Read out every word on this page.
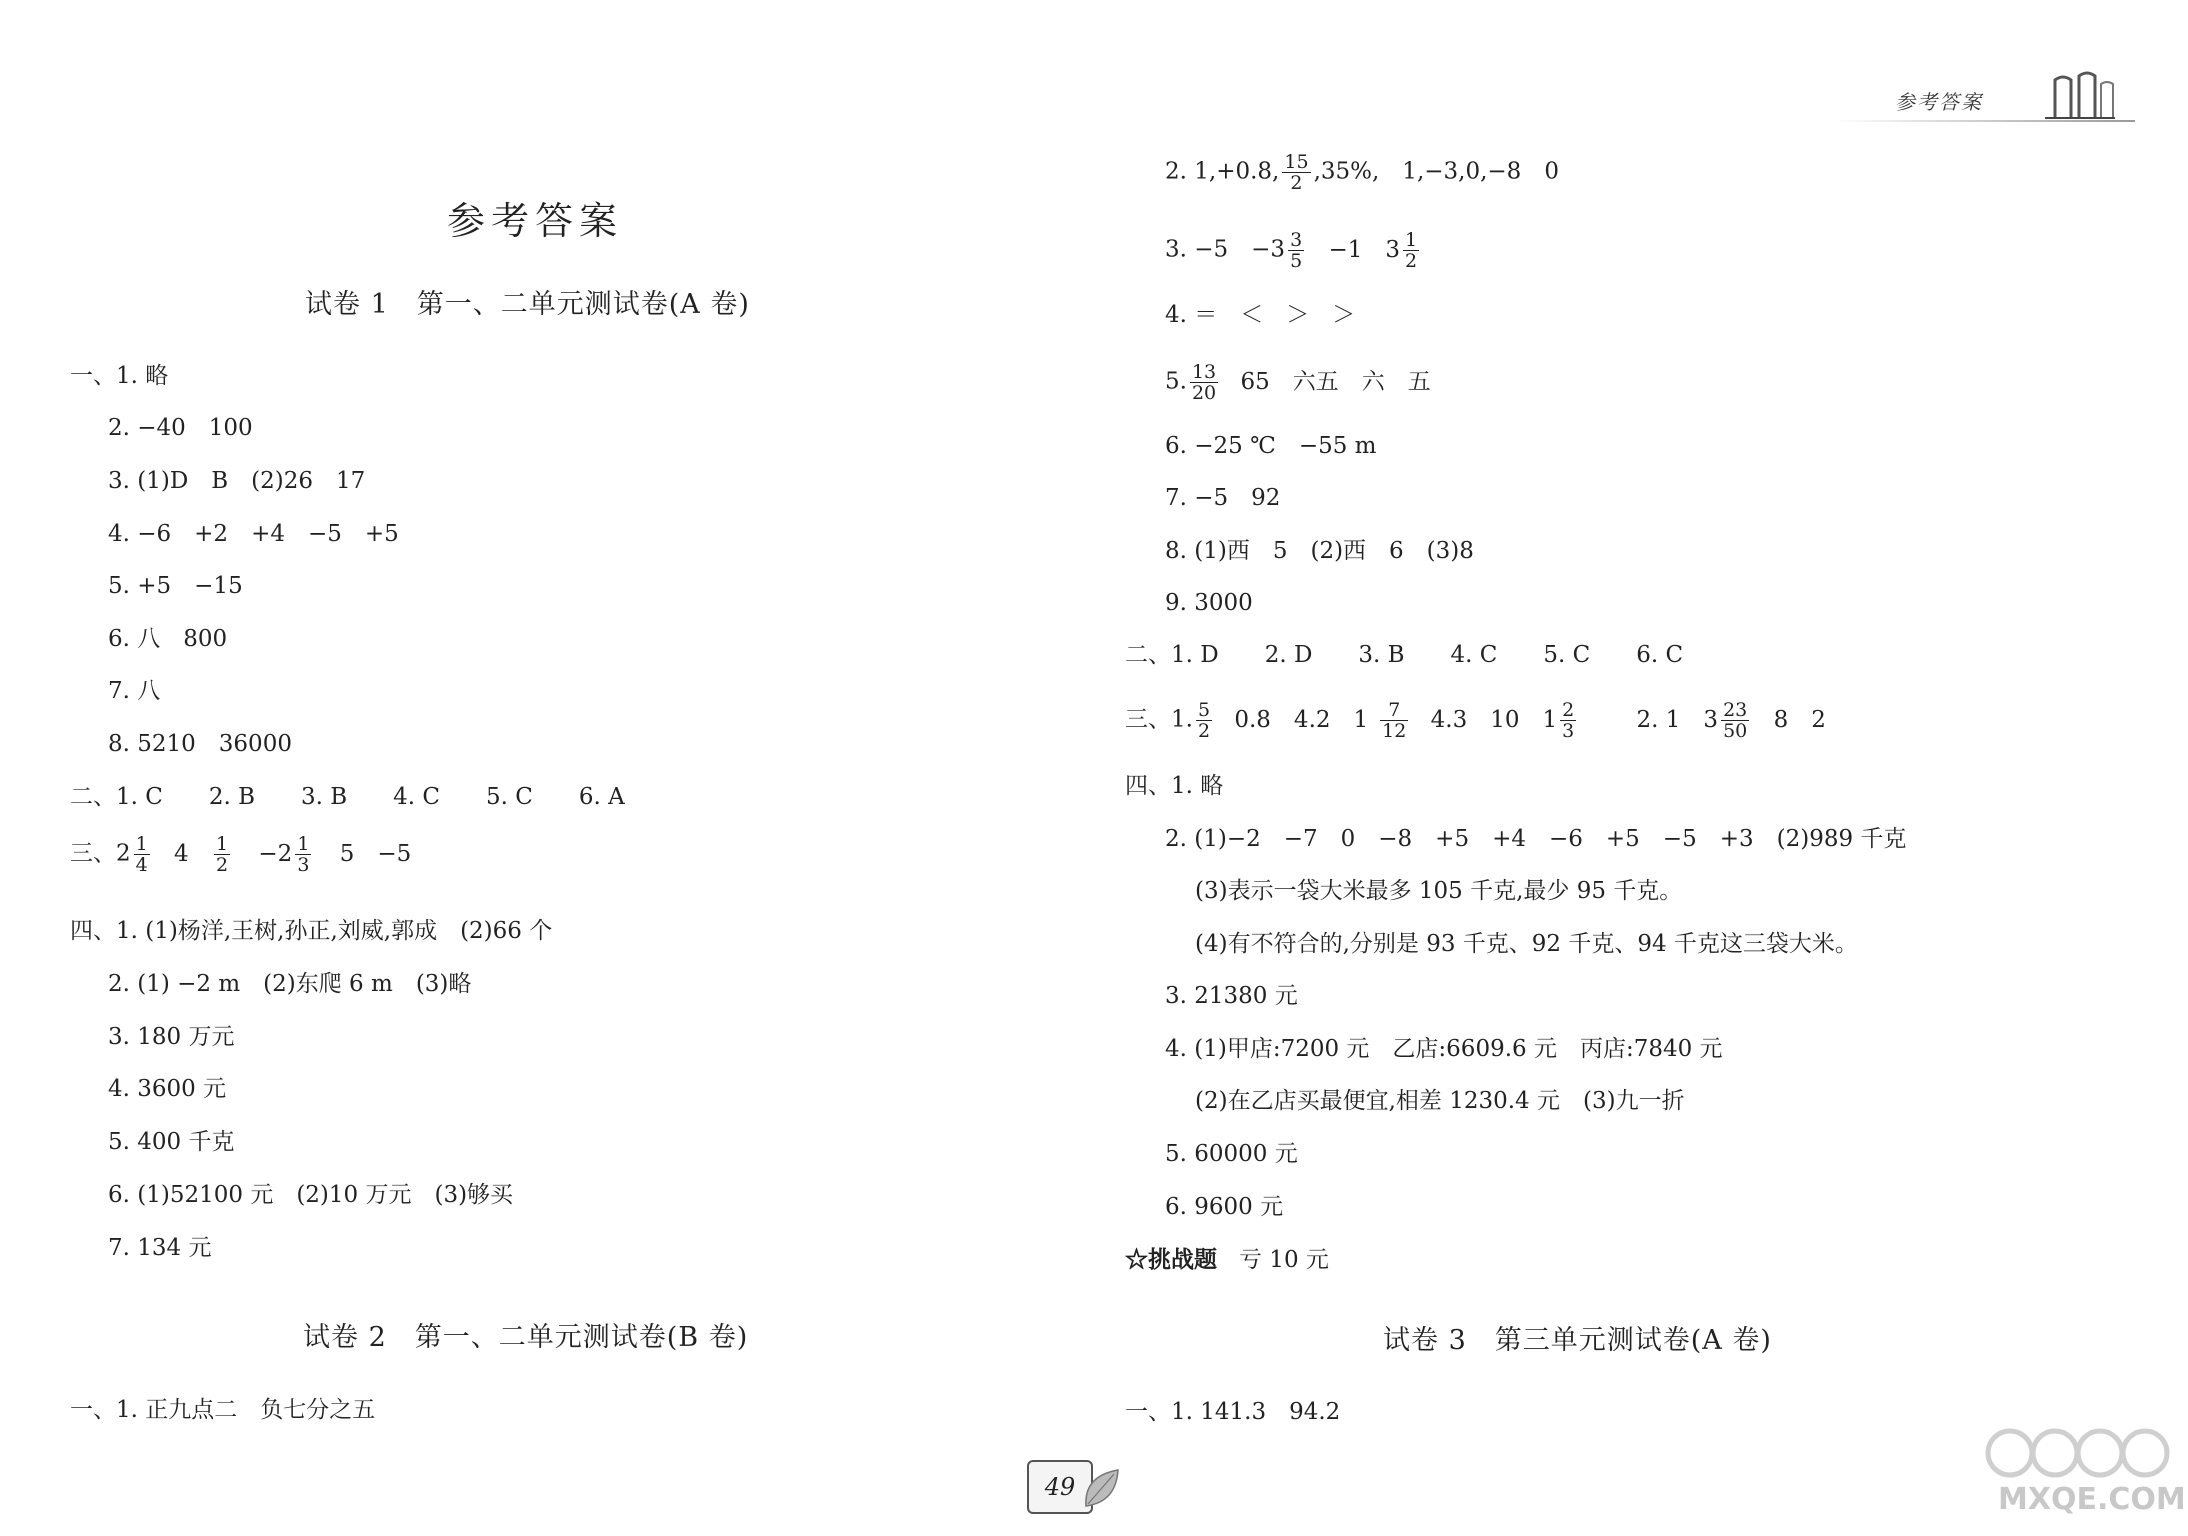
参考答案
参考答案
试卷 1　第一、二单元测试卷(A 卷)
一、1. 略
2. −40　100
3. (1)D　B　(2)26　17
4. −6　+2　+4　−5　+5
5. +5　−15
6. 八　800
7. 八
8. 5210　36000
二、1. C　　2. B　　3. B　　4. C　　5. C　　6. A
三、$2 \frac{1}{4} 4 \frac{1}{2} -2 \frac{1}{3} 5$　−5
四、1. (1)杨洋,王树,孙正,刘威,郭成　(2)66 个
2. (1) −2 m　(2)东爬 6 m　(3)略
3. 180 万元
4. 3600 元
5. 400 千克
6. (1)52100 元　(2)10 万元　(3)够买
7. 134 元
试卷 2　第一、二单元测试卷(B 卷)
一、1. 正九点二　负七分之五
2. 1,+0.8, $\frac{15}{2} ,35\%$,　1,−3,0,−8　0
3. −5　$-3 \frac{3}{5} -1$　$3 \frac{1}{2}$
4. ＝　＜　＞　＞
5. $\frac{13}{20} 65$　六五　六　五
6. −25 ℃　−55 m
7. −5　92
8. (1)西　5　(2)西　6　(3)8
9. 3000
二、1. D　　2. D　　3. B　　4. C　　5. C　　6. C
三、1. $\frac{5}{2} 0.8$　4.2　$1 \frac{7}{12} 4.3$　10　$1 \frac{2}{3}$	2. 1　$3 \frac{23}{50} 8$　2
四、1. 略
2. (1)−2　−7　0　−8　+5　+4　−6　+5　−5　+3　(2)989 千克
(3)表示一袋大米最多 105 千克,最少 95 千克。
(4)有不符合的,分别是 93 千克、92 千克、94 千克这三袋大米。
3. 21380 元
4. (1)甲店:7200 元　乙店:6609.6 元　丙店:7840 元
(2)在乙店买最便宜,相差 1230.4 元　(3)九一折
5. 60000 元
6. 9600 元
☆挑战题 亏 10 元
试卷 3　第三单元测试卷(A 卷)
一、1. 141.3　94.2
49	MXQE.COM
